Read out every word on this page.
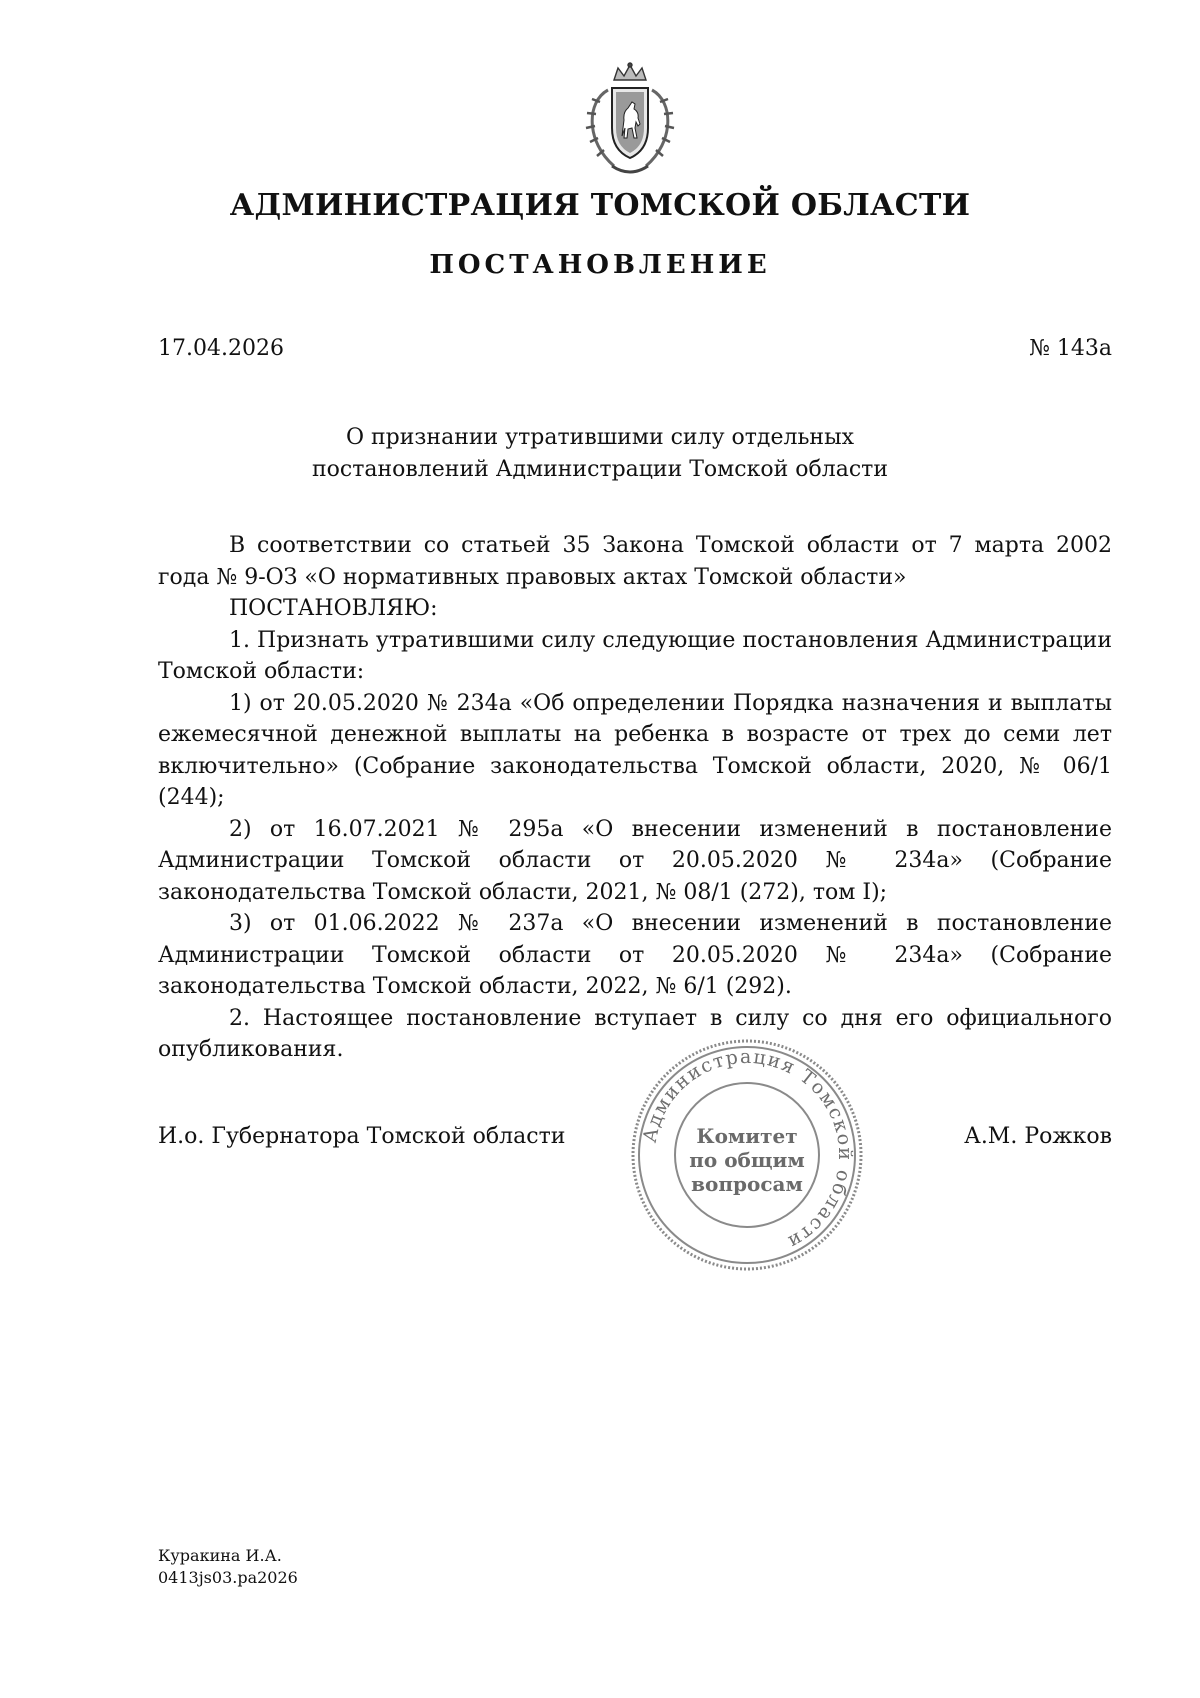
АДМИНИСТРАЦИЯ ТОМСКОЙ ОБЛАСТИ
ПОСТАНОВЛЕНИЕ
17.04.2026	№ 143а
О признании утратившими силу отдельных
постановлений Администрации Томской области

В соответствии со статьей 35 Закона Томской области от 7 марта 2002 года № 9-ОЗ «О нормативных правовых актах Томской области»

ПОСТАНОВЛЯЮ:

1. Признать утратившими силу следующие постановления Администрации Томской области:

1) от 20.05.2020 № 234а «Об определении Порядка назначения и выплаты ежемесячной денежной выплаты на ребенка в возрасте от трех до семи лет включительно» (Собрание законодательства Томской области, 2020, № 06/1 (244);

2) от 16.07.2021 № 295а «О внесении изменений в постановление Администрации Томской области от 20.05.2020 № 234а» (Собрание законодательства Томской области, 2021, № 08/1 (272), том I);

3) от 01.06.2022 № 237а «О внесении изменений в постановление Администрации Томской области от 20.05.2020 № 234а» (Собрание законодательства Томской области, 2022, № 6/1 (292).

2. Настоящее постановление вступает в силу со дня его официального опубликования.

И.о. Губернатора Томской области	А.М. Рожков
Администрация Томской области
Комитет
по общим
вопросам
Куракина И.А.
0413js03.pa2026
